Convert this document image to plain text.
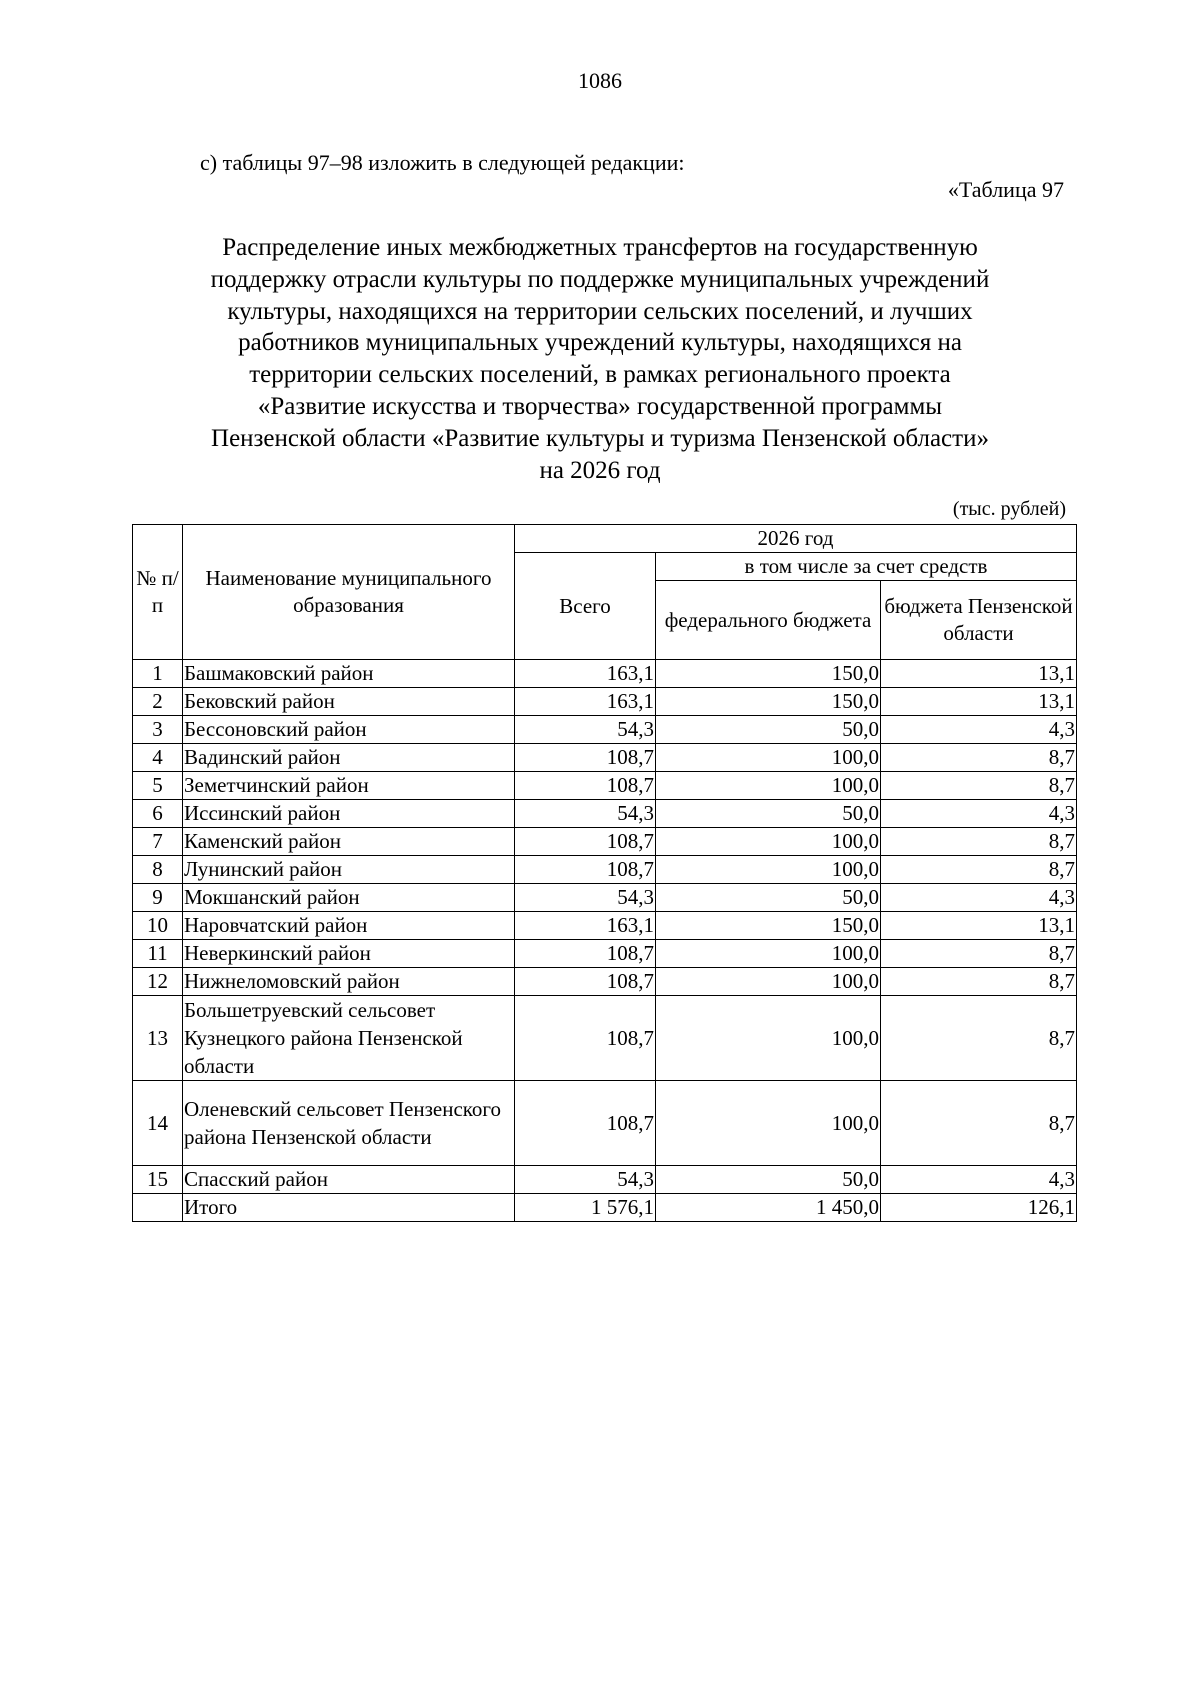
1086
с) таблицы 97–98 изложить в следующей редакции:
«Таблица 97
Распределение иных межбюджетных трансфертов на государственную
поддержку отрасли культуры по поддержке муниципальных учреждений
культуры, находящихся на территории сельских поселений, и лучших
работников муниципальных учреждений культуры, находящихся на
территории сельских поселений, в рамках регионального проекта
«Развитие искусства и творчества» государственной программы
Пензенской области «Развитие культуры и туризма Пензенской области»
на 2026 год
(тыс. рублей)
№ п/п	Наименование муниципального образования	2026 год		
		Всего	в том числе за счет средств	
			федерального бюджета	бюджета Пензенской области
1	Башмаковский район	163,1	150,0	13,1
2	Бековский район	163,1	150,0	13,1
3	Бессоновский район	54,3	50,0	4,3
4	Вадинский район	108,7	100,0	8,7
5	Земетчинский район	108,7	100,0	8,7
6	Иссинский район	54,3	50,0	4,3
7	Каменский район	108,7	100,0	8,7
8	Лунинский район	108,7	100,0	8,7
9	Мокшанский район	54,3	50,0	4,3
10	Наровчатский район	163,1	150,0	13,1
11	Неверкинский район	108,7	100,0	8,7
12	Нижнеломовский район	108,7	100,0	8,7
13	Большетруевский сельсовет Кузнецкого района Пензенской области	108,7	100,0	8,7
14	Оленевский сельсовет Пензенского района Пензенской области	108,7	100,0	8,7
15	Спасский район	54,3	50,0	4,3
	Итого	1 576,1	1 450,0	126,1
